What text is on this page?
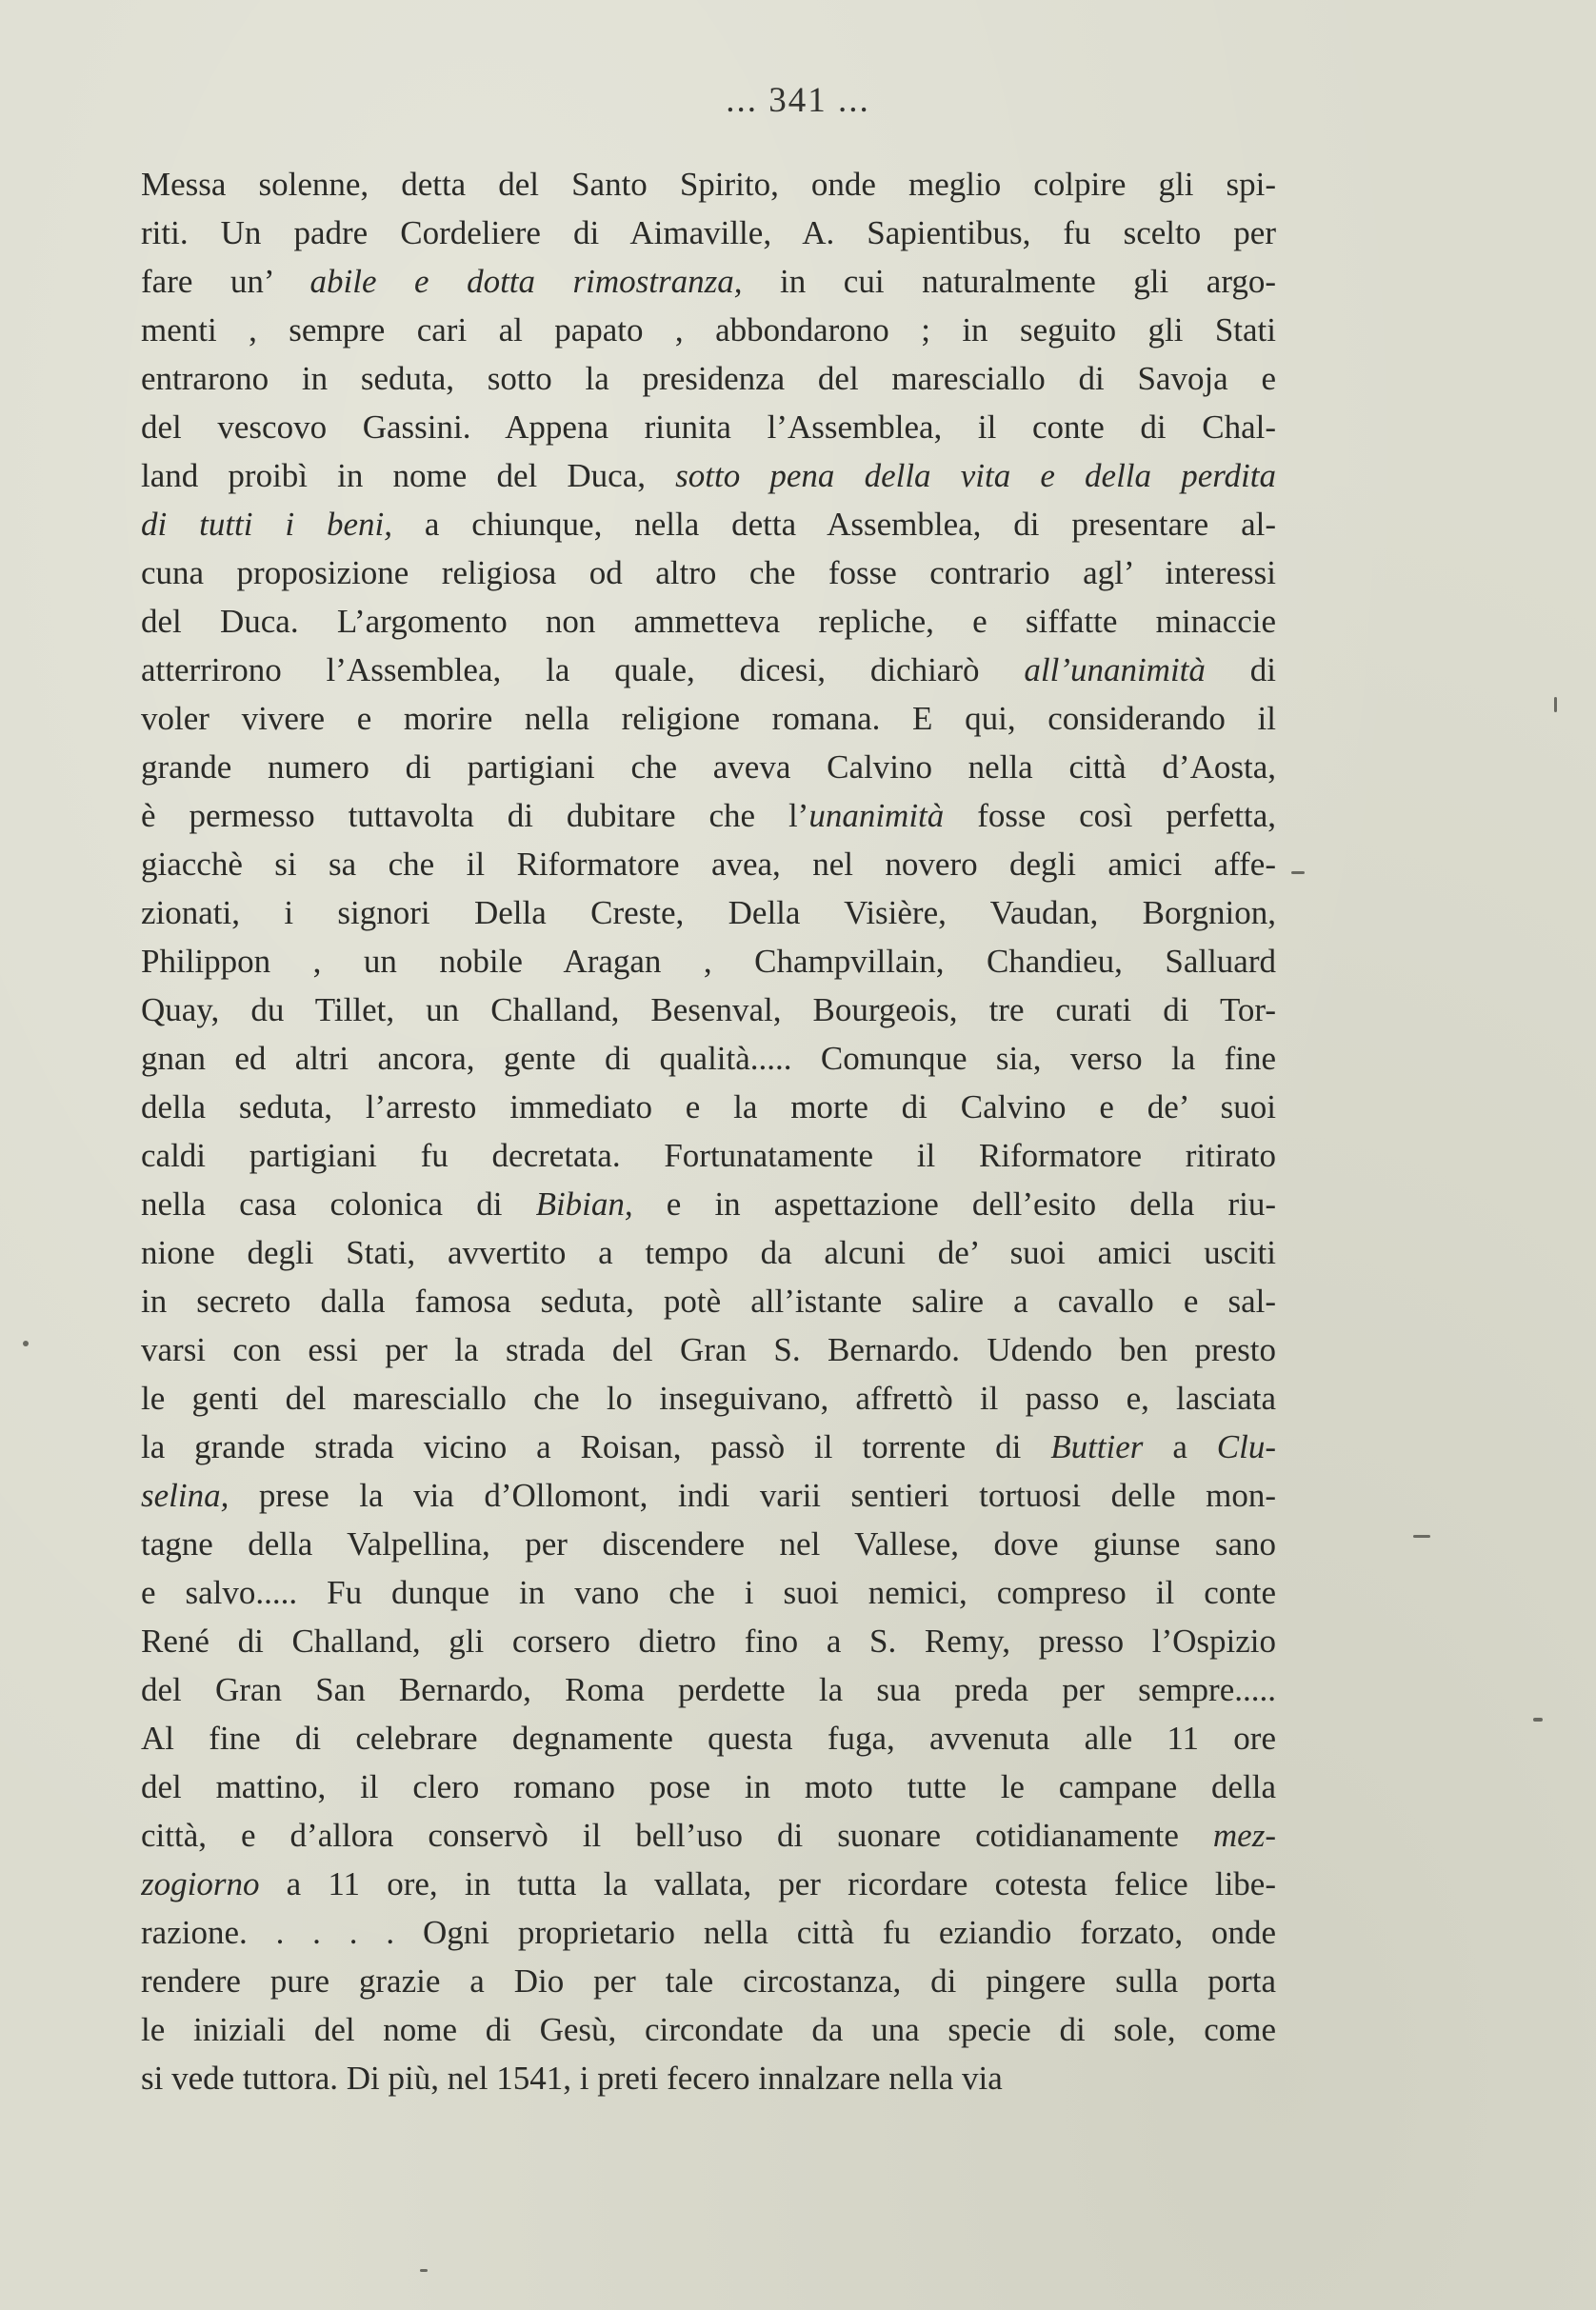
... 341 ...
Messa solenne, detta del Santo Spirito, onde meglio colpire gli spi-
riti. Un padre Cordeliere di Aimaville, A. Sapientibus, fu scelto per
fare un’ abile e dotta rimostranza, in cui naturalmente gli argo-
menti , sempre cari al papato , abbondarono ; in seguito gli Stati
entrarono in seduta, sotto la presidenza del maresciallo di Savoja e
del vescovo Gassini. Appena riunita l’Assemblea, il conte di Chal-
land proibì in nome del Duca, sotto pena della vita e della perdita
di tutti i beni, a chiunque, nella detta Assemblea, di presentare al-
cuna proposizione religiosa od altro che fosse contrario agl’ interessi
del Duca. L’argomento non ammetteva repliche, e siffatte minaccie
atterrirono l’Assemblea, la quale, dicesi, dichiarò all’unanimità di
voler vivere e morire nella religione romana. E qui, considerando il
grande numero di partigiani che aveva Calvino nella città d’Aosta,
è permesso tuttavolta di dubitare che l’unanimità fosse così perfetta,
giacchè si sa che il Riformatore avea, nel novero degli amici affe-
zionati, i signori Della Creste, Della Visière, Vaudan, Borgnion,
Philippon , un nobile Aragan , Champvillain, Chandieu, Salluard
Quay, du Tillet, un Challand, Besenval, Bourgeois, tre curati di Tor-
gnan ed altri ancora, gente di qualità..... Comunque sia, verso la fine
della seduta, l’arresto immediato e la morte di Calvino e de’ suoi
caldi partigiani fu decretata. Fortunatamente il Riformatore ritirato
nella casa colonica di Bibian, e in aspettazione dell’esito della riu-
nione degli Stati, avvertito a tempo da alcuni de’ suoi amici usciti
in secreto dalla famosa seduta, potè all’istante salire a cavallo e sal-
varsi con essi per la strada del Gran S. Bernardo. Udendo ben presto
le genti del maresciallo che lo inseguivano, affrettò il passo e, lasciata
la grande strada vicino a Roisan, passò il torrente di Buttier a Clu-
selina, prese la via d’Ollomont, indi varii sentieri tortuosi delle mon-
tagne della Valpellina, per discendere nel Vallese, dove giunse sano
e salvo..... Fu dunque in vano che i suoi nemici, compreso il conte
René di Challand, gli corsero dietro fino a S. Remy, presso l’Ospizio
del Gran San Bernardo, Roma perdette la sua preda per sempre.....
Al fine di celebrare degnamente questa fuga, avvenuta alle 11 ore
del mattino, il clero romano pose in moto tutte le campane della
città, e d’allora conservò il bell’uso di suonare cotidianamente mez-
zogiorno a 11 ore, in tutta la vallata, per ricordare cotesta felice libe-
razione. . . . . Ogni proprietario nella città fu eziandio forzato, onde
rendere pure grazie a Dio per tale circostanza, di pingere sulla porta
le iniziali del nome di Gesù, circondate da una specie di sole, come
si vede tuttora. Di più, nel 1541, i preti fecero innalzare nella via
